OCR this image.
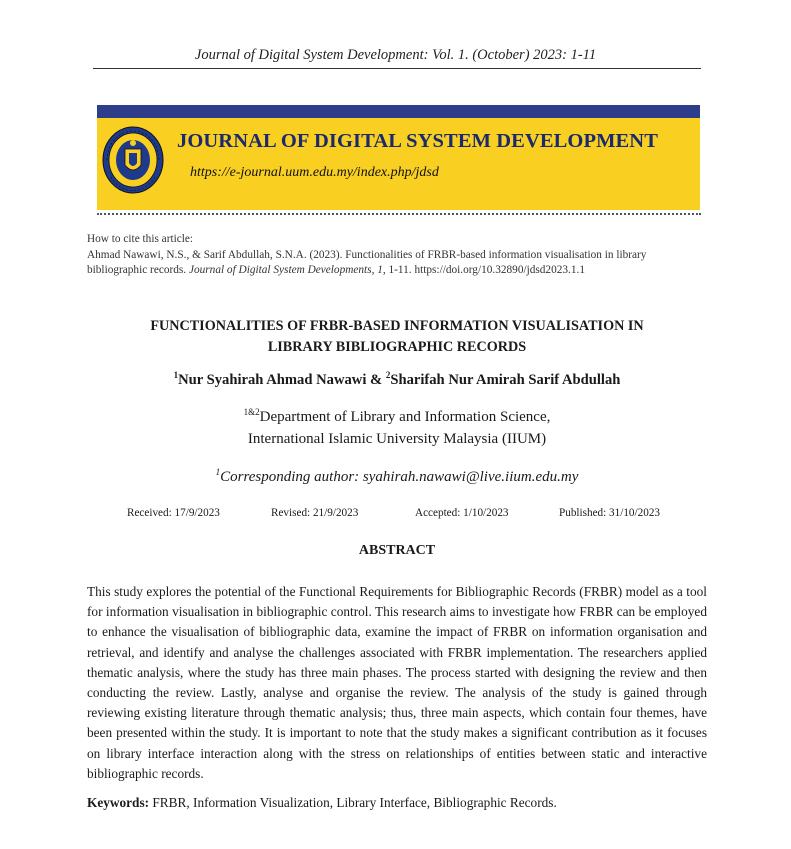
Journal of Digital System Development: Vol. 1. (October) 2023: 1-11
JOURNAL OF DIGITAL SYSTEM DEVELOPMENT
https://e-journal.uum.edu.my/index.php/jdsd
How to cite this article:
Ahmad Nawawi, N.S., & Sarif Abdullah, S.N.A. (2023). Functionalities of FRBR-based information visualisation in library
bibliographic records. Journal of Digital System Developments, 1, 1-11. https://doi.org/10.32890/jdsd2023.1.1
FUNCTIONALITIES OF FRBR-BASED INFORMATION VISUALISATION IN
LIBRARY BIBLIOGRAPHIC RECORDS
$^1$Nur Syahirah Ahmad Nawawi & $^2$Sharifah Nur Amirah Sarif Abdullah
$^{1\&2}$Department of Library and Information Science,
International Islamic University Malaysia (IIUM)
$^1$Corresponding author: syahirah.nawawi@live.iium.edu.my
Received: 17/9/2023	Revised: 21/9/2023	Accepted: 1/10/2023	Published: 31/10/2023
ABSTRACT
This study explores the potential of the Functional Requirements for Bibliographic Records (FRBR) model as a tool for information visualisation in bibliographic control. This research aims to investigate how FRBR can be employed to enhance the visualisation of bibliographic data, examine the impact of FRBR on information organisation and retrieval, and identify and analyse the challenges associated with FRBR implementation. The researchers applied thematic analysis, where the study has three main phases. The process started with designing the review and then conducting the review. Lastly, analyse and organise the review. The analysis of the study is gained through reviewing existing literature through thematic analysis; thus, three main aspects, which contain four themes, have been presented within the study. It is important to note that the study makes a significant contribution as it focuses on library interface interaction along with the stress on relationships of entities between static and interactive bibliographic records.
Keywords: FRBR, Information Visualization, Library Interface, Bibliographic Records.
